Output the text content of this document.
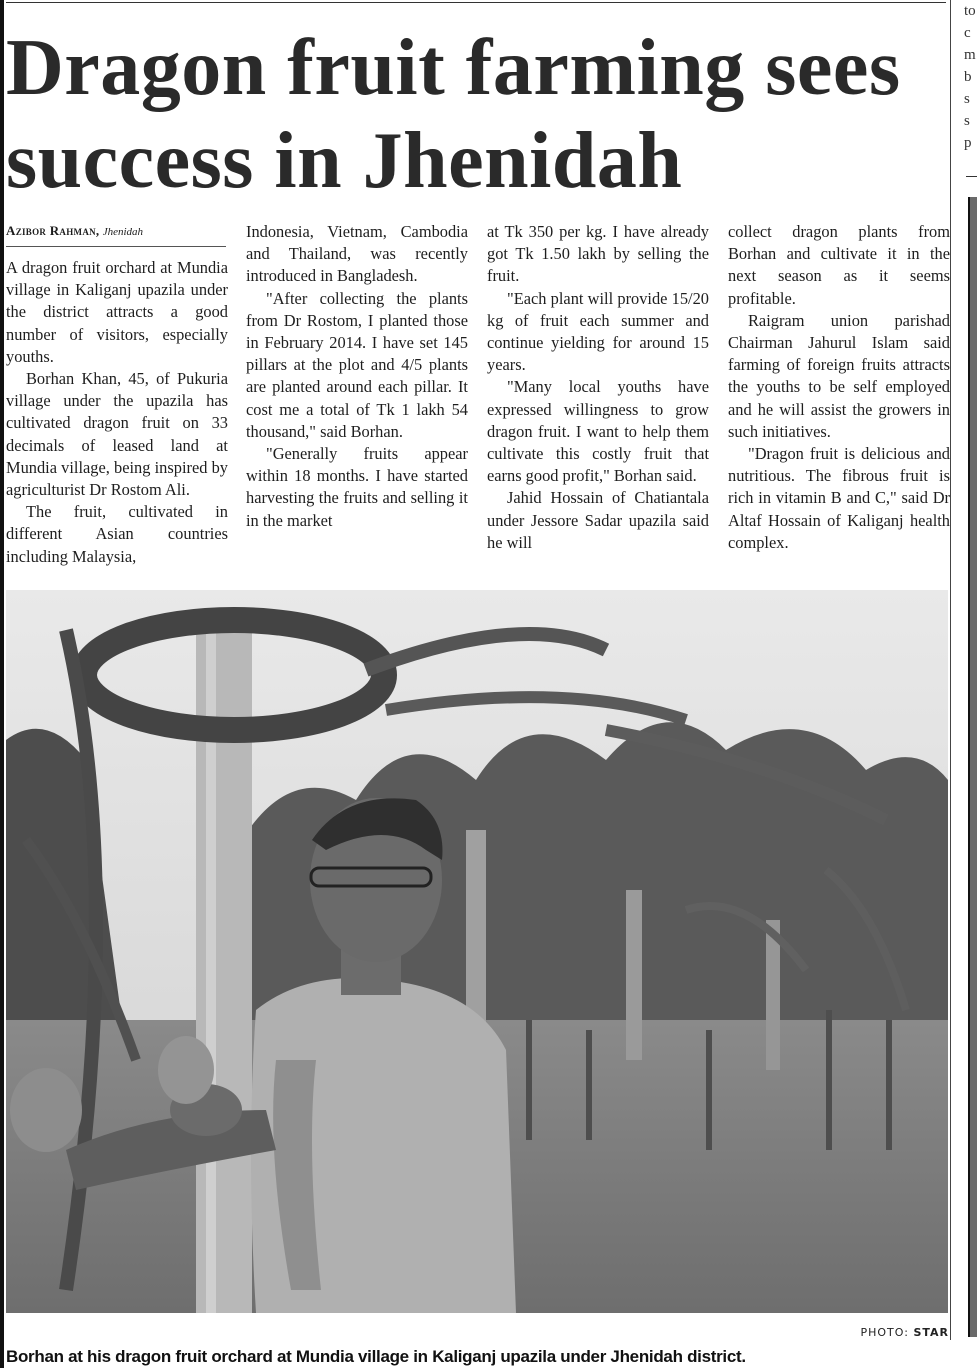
Dragon fruit farming sees success in Jhenidah
Azibor Rahman, Jhenidah

A dragon fruit orchard at Mundia village in Kaliganj upazila under the district attracts a good number of visitors, especially youths.

Borhan Khan, 45, of Pukuria village under the upazila has cultivated dragon fruit on 33 decimals of leased land at Mundia village, being inspired by agriculturist Dr Rostom Ali.

The fruit, cultivated in different Asian countries including Malaysia,

Indonesia, Vietnam, Cambodia and Thailand, was recently introduced in Bangladesh.

"After collecting the plants from Dr Rostom, I planted those in February 2014. I have set 145 pillars at the plot and 4/5 plants are planted around each pillar. It cost me a total of Tk 1 lakh 54 thousand," said Borhan.

"Generally fruits appear within 18 months. I have started harvesting the fruits and selling it in the market

at Tk 350 per kg. I have already got Tk 1.50 lakh by selling the fruit.

"Each plant will provide 15/20 kg of fruit each summer and continue yielding for around 15 years.

"Many local youths have expressed willingness to grow dragon fruit. I want to help them cultivate this costly fruit that earns good profit," Borhan said.

Jahid Hossain of Chatiantala under Jessore Sadar upazila said he will

collect dragon plants from Borhan and cultivate it in the next season as it seems profitable.

Raigram union parishad Chairman Jahurul Islam said farming of foreign fruits attracts the youths to be self employed and he will assist the growers in such initiatives.

"Dragon fruit is delicious and nutritious. The fibrous fruit is rich in vitamin B and C," said Dr Altaf Hossain of Kaliganj health complex.

PHOTO: STAR
Borhan at his dragon fruit orchard at Mundia village in Kaliganj upazila under Jhenidah district.
to
c
m
b
s
s
p
